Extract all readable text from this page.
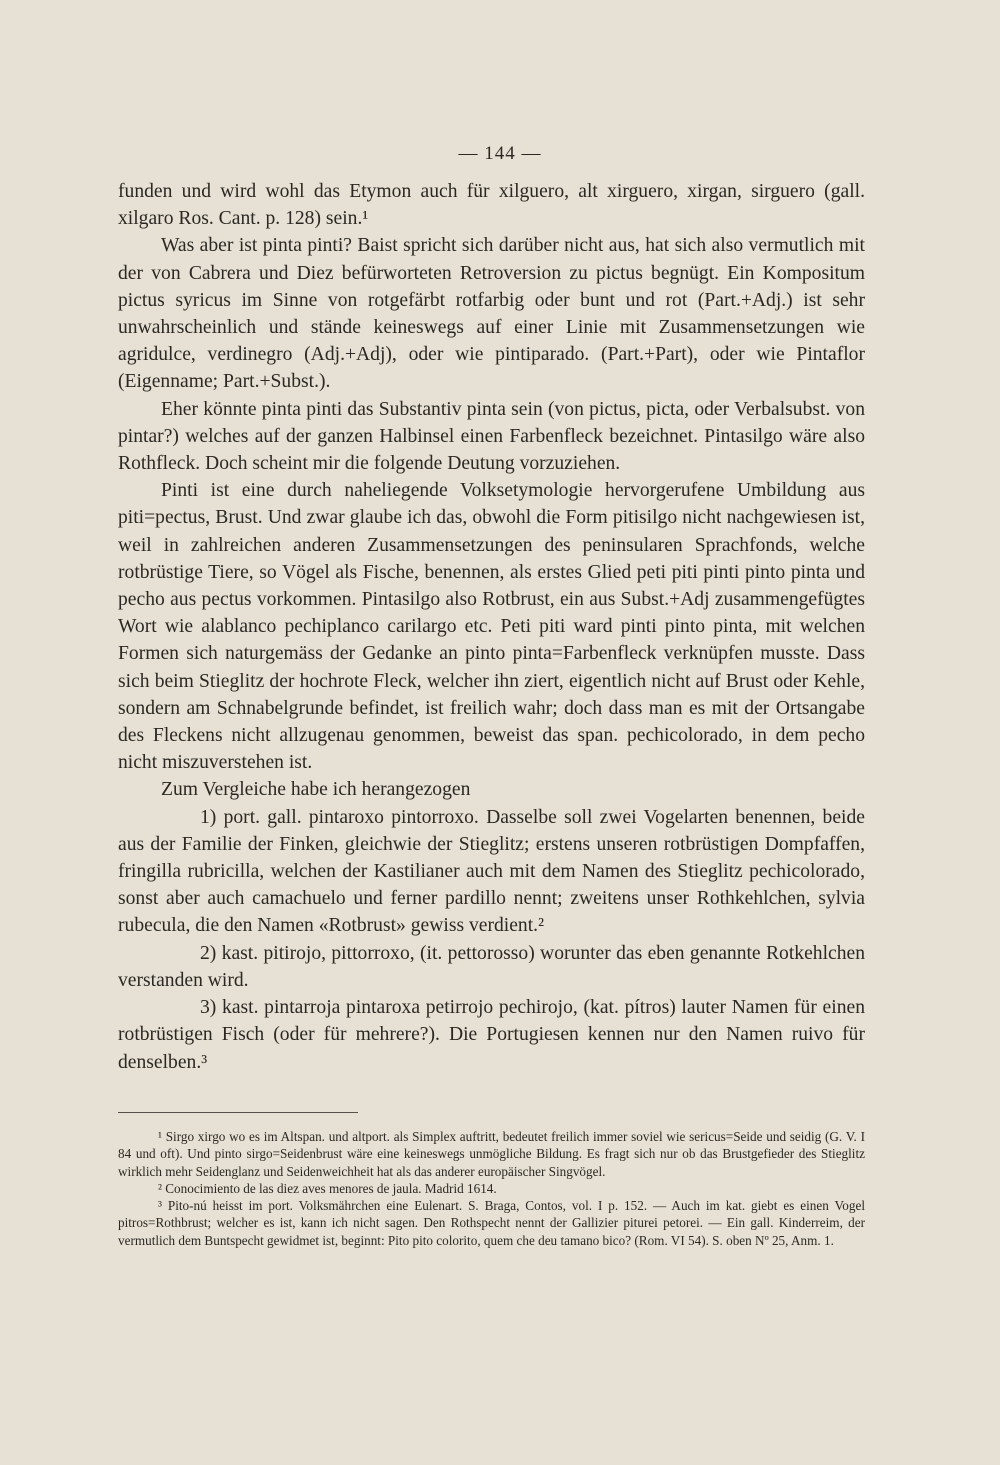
— 144 —

funden und wird wohl das Etymon auch für xilguero, alt xirguero, xirgan, sirguero (gall. xilgaro Ros. Cant. p. 128) sein.¹

Was aber ist pinta pinti? Baist spricht sich darüber nicht aus, hat sich also vermutlich mit der von Cabrera und Diez befürworteten Retroversion zu pictus begnügt. Ein Kompositum pictus syricus im Sinne von rotgefärbt rotfarbig oder bunt und rot (Part.+Adj.) ist sehr unwahrscheinlich und stände keineswegs auf einer Linie mit Zusammensetzungen wie agridulce, verdinegro (Adj.+Adj), oder wie pintiparado. (Part.+Part), oder wie Pintaflor (Eigenname; Part.+Subst.).

Eher könnte pinta pinti das Substantiv pinta sein (von pictus, picta, oder Verbalsubst. von pintar?) welches auf der ganzen Halbinsel einen Farbenfleck bezeichnet. Pintasilgo wäre also Rothfleck. Doch scheint mir die folgende Deutung vorzuziehen.

Pinti ist eine durch naheliegende Volksetymologie hervorgerufene Umbildung aus piti=pectus, Brust. Und zwar glaube ich das, obwohl die Form pitisilgo nicht nachgewiesen ist, weil in zahlreichen anderen Zusammensetzungen des peninsularen Sprachfonds, welche rotbrüstige Tiere, so Vögel als Fische, benennen, als erstes Glied peti piti pinti pinto pinta und pecho aus pectus vorkommen. Pintasilgo also Rotbrust, ein aus Subst.+Adj zusammengefügtes Wort wie alablanco pechiplanco carilargo etc. Peti piti ward pinti pinto pinta, mit welchen Formen sich naturgemäss der Gedanke an pinto pinta=Farbenfleck verknüpfen musste. Dass sich beim Stieglitz der hochrote Fleck, welcher ihn ziert, eigentlich nicht auf Brust oder Kehle, sondern am Schnabelgrunde befindet, ist freilich wahr; doch dass man es mit der Ortsangabe des Fleckens nicht allzugenau genommen, beweist das span. pechicolorado, in dem pecho nicht miszuverstehen ist.

Zum Vergleiche habe ich herangezogen

1) port. gall. pintaroxo pintorroxo. Dasselbe soll zwei Vogelarten benennen, beide aus der Familie der Finken, gleichwie der Stieglitz; erstens unseren rotbrüstigen Dompfaffen, fringilla rubricilla, welchen der Kastilianer auch mit dem Namen des Stieglitz pechicolorado, sonst aber auch camachuelo und ferner pardillo nennt; zweitens unser Rothkehlchen, sylvia rubecula, die den Namen «Rotbrust» gewiss verdient.²

2) kast. pitirojo, pittorroxo, (it. pettorosso) worunter das eben genannte Rotkehlchen verstanden wird.

3) kast. pintarroja pintaroxa petirrojo pechirojo, (kat. pítros) lauter Namen für einen rotbrüstigen Fisch (oder für mehrere?). Die Portugiesen kennen nur den Namen ruivo für denselben.³

¹ Sirgo xirgo wo es im Altspan. und altport. als Simplex auftritt, bedeutet freilich immer soviel wie sericus=Seide und seidig (G. V. I 84 und oft). Und pinto sirgo=Seidenbrust wäre eine keineswegs unmögliche Bildung. Es fragt sich nur ob das Brustgefieder des Stieglitz wirklich mehr Seidenglanz und Seidenweichheit hat als das anderer europäischer Singvögel.

² Conocimiento de las diez aves menores de jaula. Madrid 1614.

³ Pito-nú heisst im port. Volksmährchen eine Eulenart. S. Braga, Contos, vol. I p. 152. — Auch im kat. giebt es einen Vogel pitros=Rothbrust; welcher es ist, kann ich nicht sagen. Den Rothspecht nennt der Gallizier piturei petorei. — Ein gall. Kinderreim, der vermutlich dem Buntspecht gewidmet ist, beginnt: Pito pito colorito, quem che deu tamano bico? (Rom. VI 54). S. oben Nº 25, Anm. 1.
